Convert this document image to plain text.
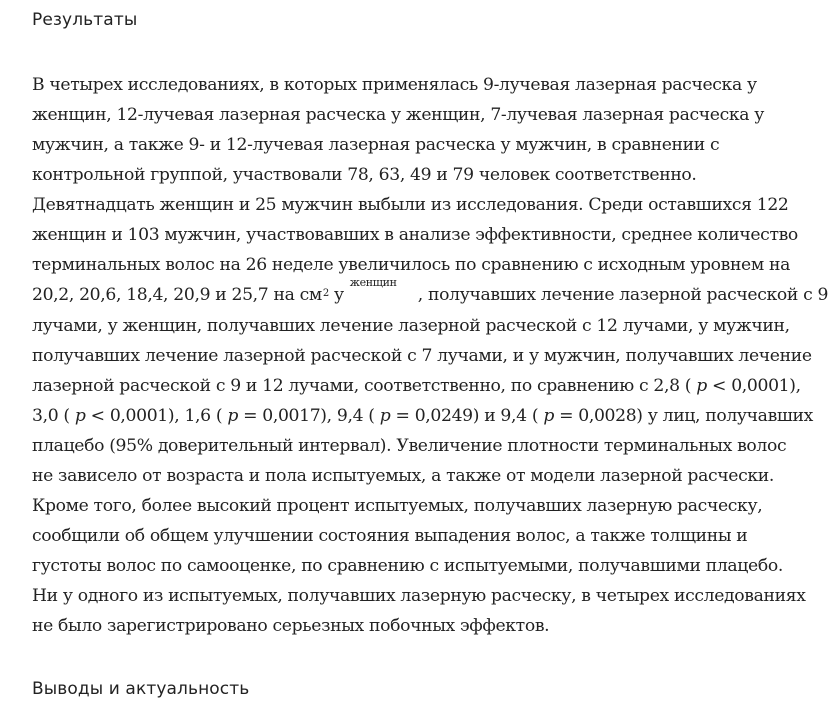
Результаты
В четырех исследованиях, в которых применялась 9-лучевая лазерная расческа у
женщин, 12-лучевая лазерная расческа у женщин, 7-лучевая лазерная расческа у
мужчин, а также 9- и 12-лучевая лазерная расческа у мужчин, в сравнении с
контрольной группой, участвовали 78, 63, 49 и 79 человек соответственно.
Девятнадцать женщин и 25 мужчин выбыли из исследования. Среди оставшихся 122
женщин и 103 мужчин, участвовавших в анализе эффективности, среднее количество
терминальных волос на 26 неделе увеличилось по сравнению с исходным уровнем на
20,2, 20,6, 18,4, 20,9 и 25,7 на $см^2$ уженщин, получавших лечение лазерной расческой с 9
лучами, у женщин, получавших лечение лазерной расческой с 12 лучами, у мужчин,
получавших лечение лазерной расческой с 7 лучами, и у мужчин, получавших лечение
лазерной расческой с 9 и 12 лучами, соответственно, по сравнению с 2,8 ( p < 0,0001),
3,0 ( p < 0,0001), 1,6 ( p = 0,0017), 9,4 ( p = 0,0249) и 9,4 ( p = 0,0028) у лиц, получавших
плацебо (95% доверительный интервал). Увеличение плотности терминальных волос
не зависело от возраста и пола испытуемых, а также от модели лазерной расчески.
Кроме того, более высокий процент испытуемых, получавших лазерную расческу,
сообщили об общем улучшении состояния выпадения волос, а также толщины и
густоты волос по самооценке, по сравнению с испытуемыми, получавшими плацебо.
Ни у одного из испытуемых, получавших лазерную расческу, в четырех исследованиях
не было зарегистрировано серьезных побочных эффектов.
Выводы и актуальность
